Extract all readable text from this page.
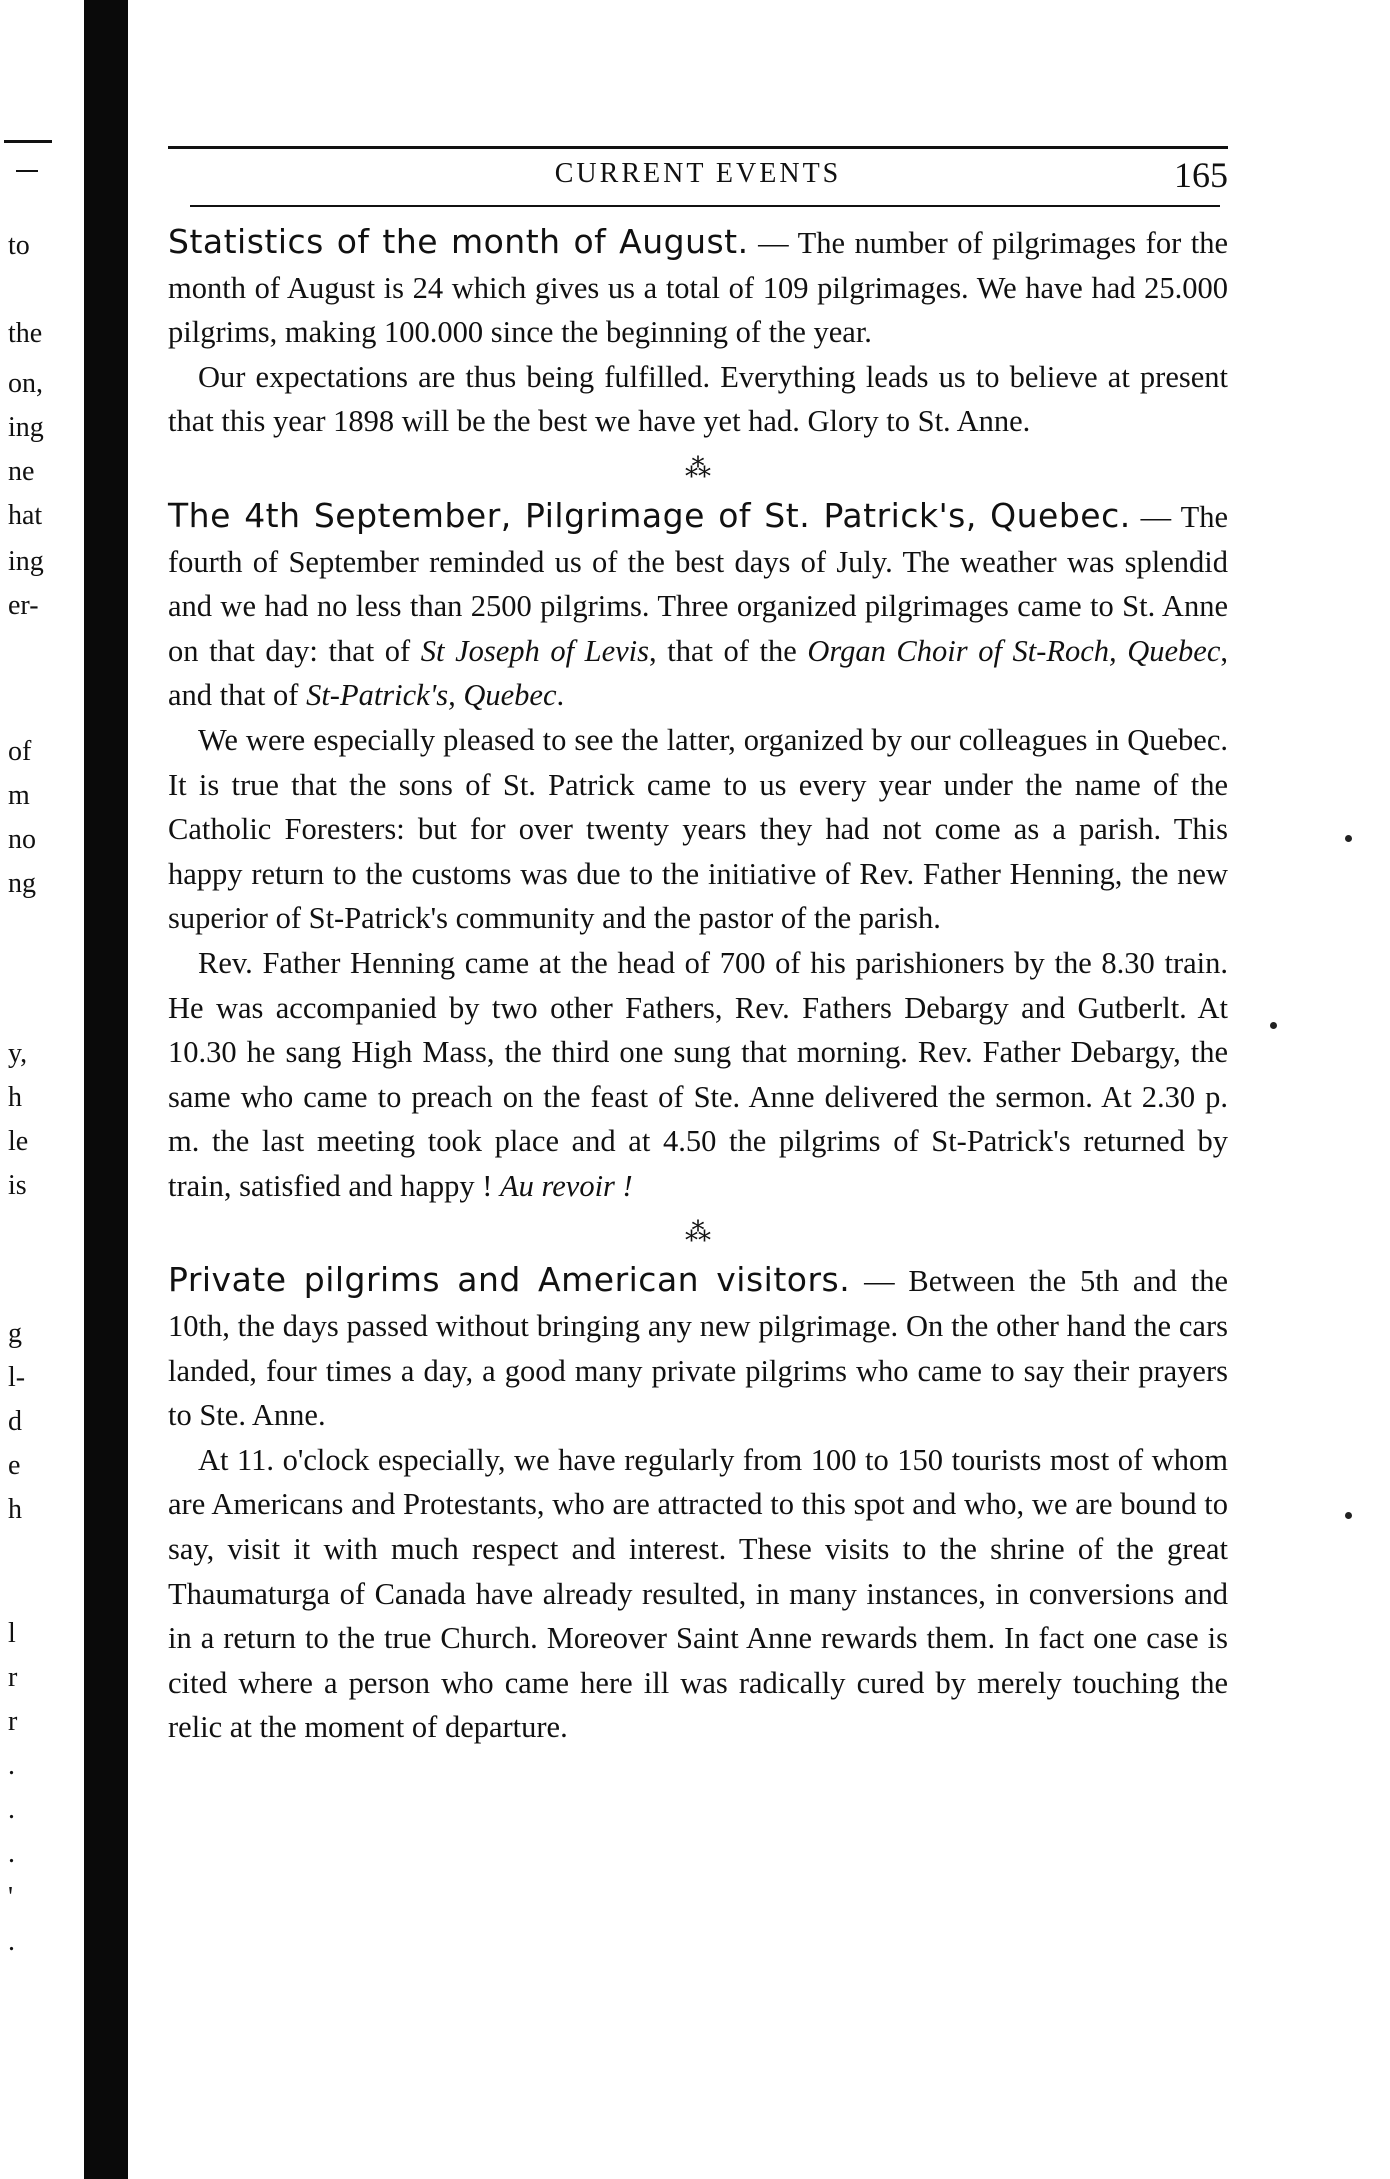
to
the
on,
ing
ne
hat
ing
er-
of
m
no
ng
y,
h
le
is
g
l-
d
e
h
l
r
r
.
.
.
'
.
CURRENT EVENTS	165

Statistics of the month of August. — The number of pilgrimages for the month of August is 24 which gives us a total of 109 pilgrimages. We have had 25.000 pilgrims, making 100.000 since the beginning of the year.

Our expectations are thus being fulfilled. Everything leads us to believe at present that this year 1898 will be the best we have yet had. Glory to St. Anne.

⁂

The 4th September, Pilgrimage of St. Patrick's, Quebec. — The fourth of September reminded us of the best days of July. The weather was splendid and we had no less than 2500 pilgrims. Three organized pilgrimages came to St. Anne on that day: that of St Joseph of Levis, that of the Organ Choir of St-Roch, Quebec, and that of St-Patrick's, Quebec.

We were especially pleased to see the latter, organized by our colleagues in Quebec. It is true that the sons of St. Patrick came to us every year under the name of the Catholic Foresters: but for over twenty years they had not come as a parish. This happy return to the customs was due to the initiative of Rev. Father Henning, the new superior of St-Patrick's community and the pastor of the parish.

Rev. Father Henning came at the head of 700 of his parishioners by the 8.30 train. He was accompanied by two other Fathers, Rev. Fathers Debargy and Gutberlt. At 10.30 he sang High Mass, the third one sung that morning. Rev. Father Debargy, the same who came to preach on the feast of Ste. Anne delivered the sermon. At 2.30 p. m. the last meeting took place and at 4.50 the pilgrims of St-Patrick's returned by train, satisfied and happy ! Au revoir !

⁂

Private pilgrims and American visitors. — Between the 5th and the 10th, the days passed without bringing any new pilgrimage. On the other hand the cars landed, four times a day, a good many private pilgrims who came to say their prayers to Ste. Anne.

At 11. o'clock especially, we have regularly from 100 to 150 tourists most of whom are Americans and Protestants, who are attracted to this spot and who, we are bound to say, visit it with much respect and interest. These visits to the shrine of the great Thaumaturga of Canada have already resulted, in many instances, in conversions and in a return to the true Church. Moreover Saint Anne rewards them. In fact one case is cited where a person who came here ill was radically cured by merely touching the relic at the moment of departure.
